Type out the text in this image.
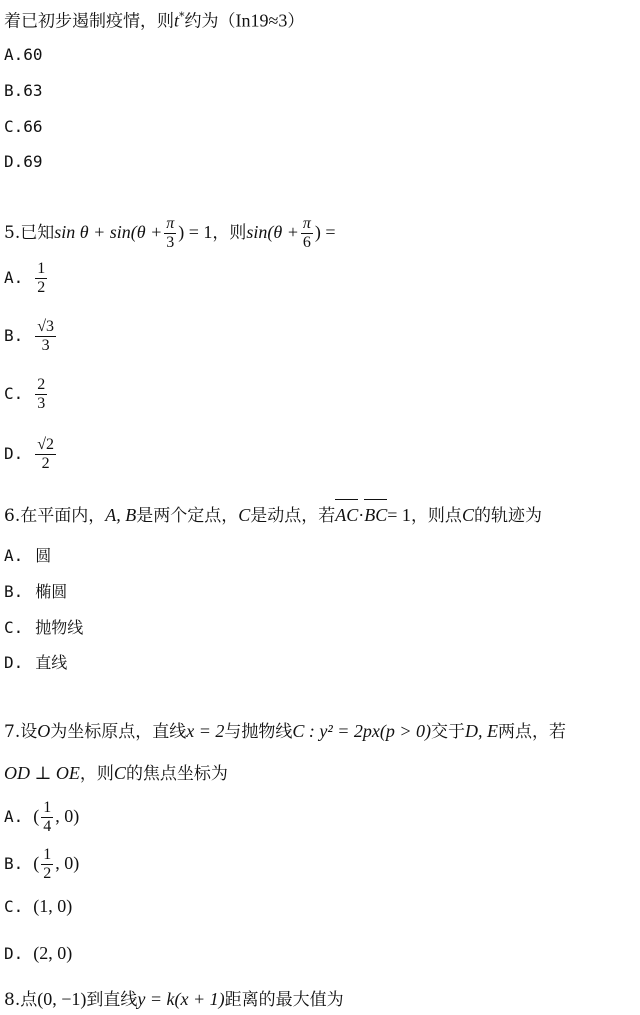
着已初步遏制疫情，则t*约为（In19≈3）
A.60
B.63
C.66
D.69
5.已知$\sin \theta + \sin(\theta + \frac{\pi}{3}$ ) = 1，则$\sin(\theta + \frac{\pi}{6}$ ) =
A. $\frac{1}{2}$
B. $\frac{√3}{3}$
C. $\frac{2}{3}$
D. $\frac{√2}{2}$
6.在平面内，A, B是两个定点，C是动点，若AC·BC= 1，则点C的轨迹为
A. 圆
B. 椭圆
C. 抛物线
D. 直线
7.设O为坐标原点，直线x = 2与抛物线C : y² = 2px(p > 0)交于D, E两点，若
OD ⊥ OE，则C的焦点坐标为
A. ( $\frac{1}{4}$ , 0)
B. ( $\frac{1}{2}$ , 0)
C. (1, 0)
D. (2, 0)
8.点(0, −1)到直线y = k(x + 1)距离的最大值为
